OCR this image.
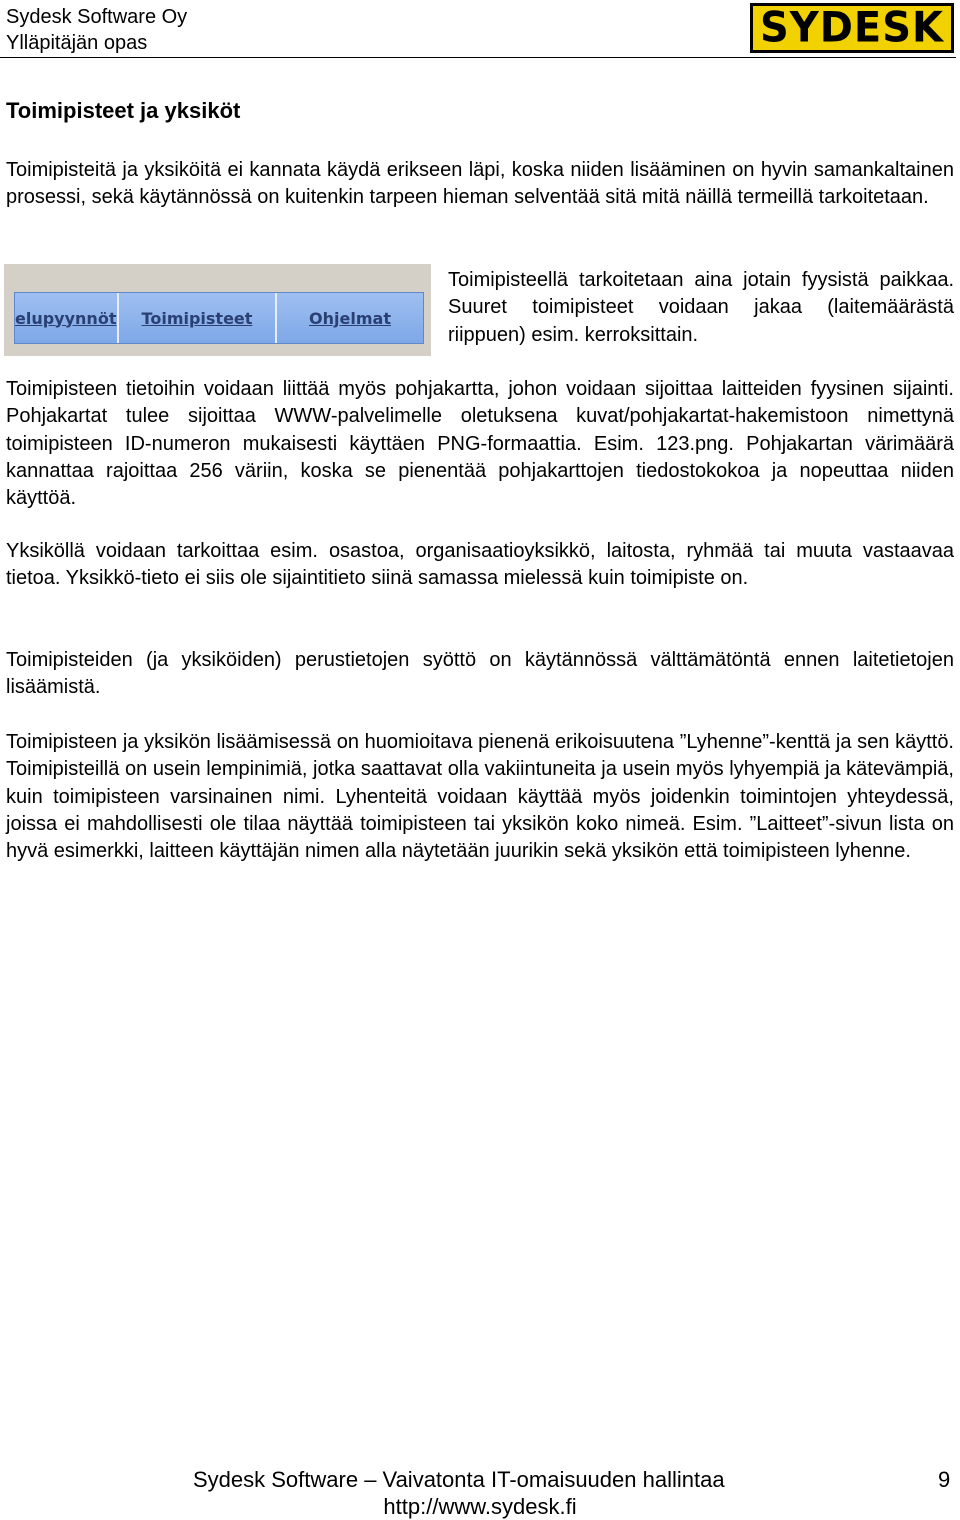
Sydesk Software Oy
Ylläpitäjän opas	SYDESK
Toimipisteet ja yksiköt

Toimipisteitä ja yksiköitä ei kannata käydä erikseen läpi, koska niiden lisääminen on hyvin samankaltainen prosessi, sekä käytännössä on kuitenkin tarpeen hieman selventää sitä mitä näillä termeillä tarkoitetaan.

elupyynnöt	Toimipisteet	Ohjelmat

Toimipisteellä tarkoitetaan aina jotain fyysistä paikkaa. Suuret toimipisteet voidaan jakaa (laitemäärästä riippuen) esim. kerroksittain.

Toimipisteen tietoihin voidaan liittää myös pohjakartta, johon voidaan sijoittaa laitteiden fyysinen sijainti. Pohjakartat tulee sijoittaa WWW-palvelimelle oletuksena kuvat/pohjakartat-hakemistoon nimettynä toimipisteen ID-numeron mukaisesti käyttäen PNG-formaattia. Esim. 123.png. Pohjakartan värimäärä kannattaa rajoittaa 256 väriin, koska se pienentää pohjakarttojen tiedostokokoa ja nopeuttaa niiden käyttöä.

Yksiköllä voidaan tarkoittaa esim. osastoa, organisaatioyksikkö, laitosta, ryhmää tai muuta vastaavaa tietoa. Yksikkö-tieto ei siis ole sijaintitieto siinä samassa mielessä kuin toimipiste on.

Toimipisteiden (ja yksiköiden) perustietojen syöttö on käytännössä välttämätöntä ennen laitetietojen lisäämistä.

Toimipisteen ja yksikön lisäämisessä on huomioitava pienenä erikoisuutena ”Lyhenne”-kenttä ja sen käyttö. Toimipisteillä on usein lempinimiä, jotka saattavat olla vakiintuneita ja usein myös lyhyempiä ja kätevämpiä, kuin toimipisteen varsinainen nimi. Lyhenteitä voidaan käyttää myös joidenkin toimintojen yhteydessä, joissa ei mahdollisesti ole tilaa näyttää toimipisteen tai yksikön koko nimeä. Esim. ”Laitteet”-sivun lista on hyvä esimerkki, laitteen käyttäjän nimen alla näytetään juurikin sekä yksikön että toimipisteen lyhenne.

Sydesk Software – Vaivatonta IT-omaisuuden hallintaa	9
http://www.sydesk.fi
